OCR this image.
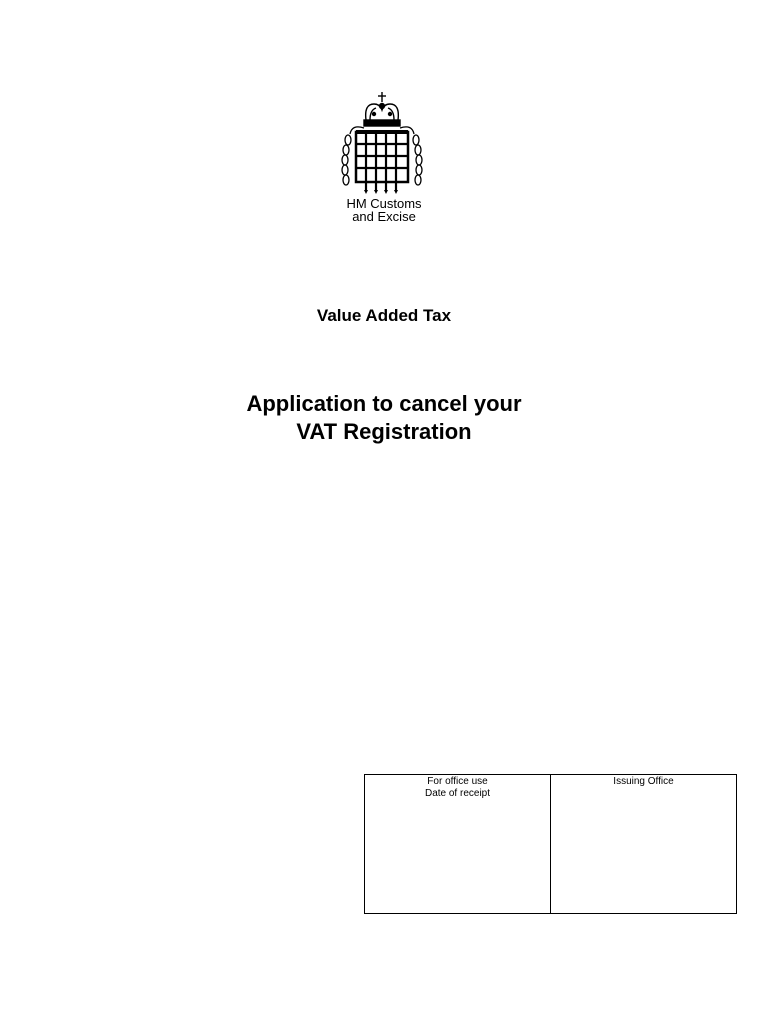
HM Customs
and Excise
Value Added Tax
Application to cancel your
VAT Registration
For office use
Date of receipt
Issuing Office
